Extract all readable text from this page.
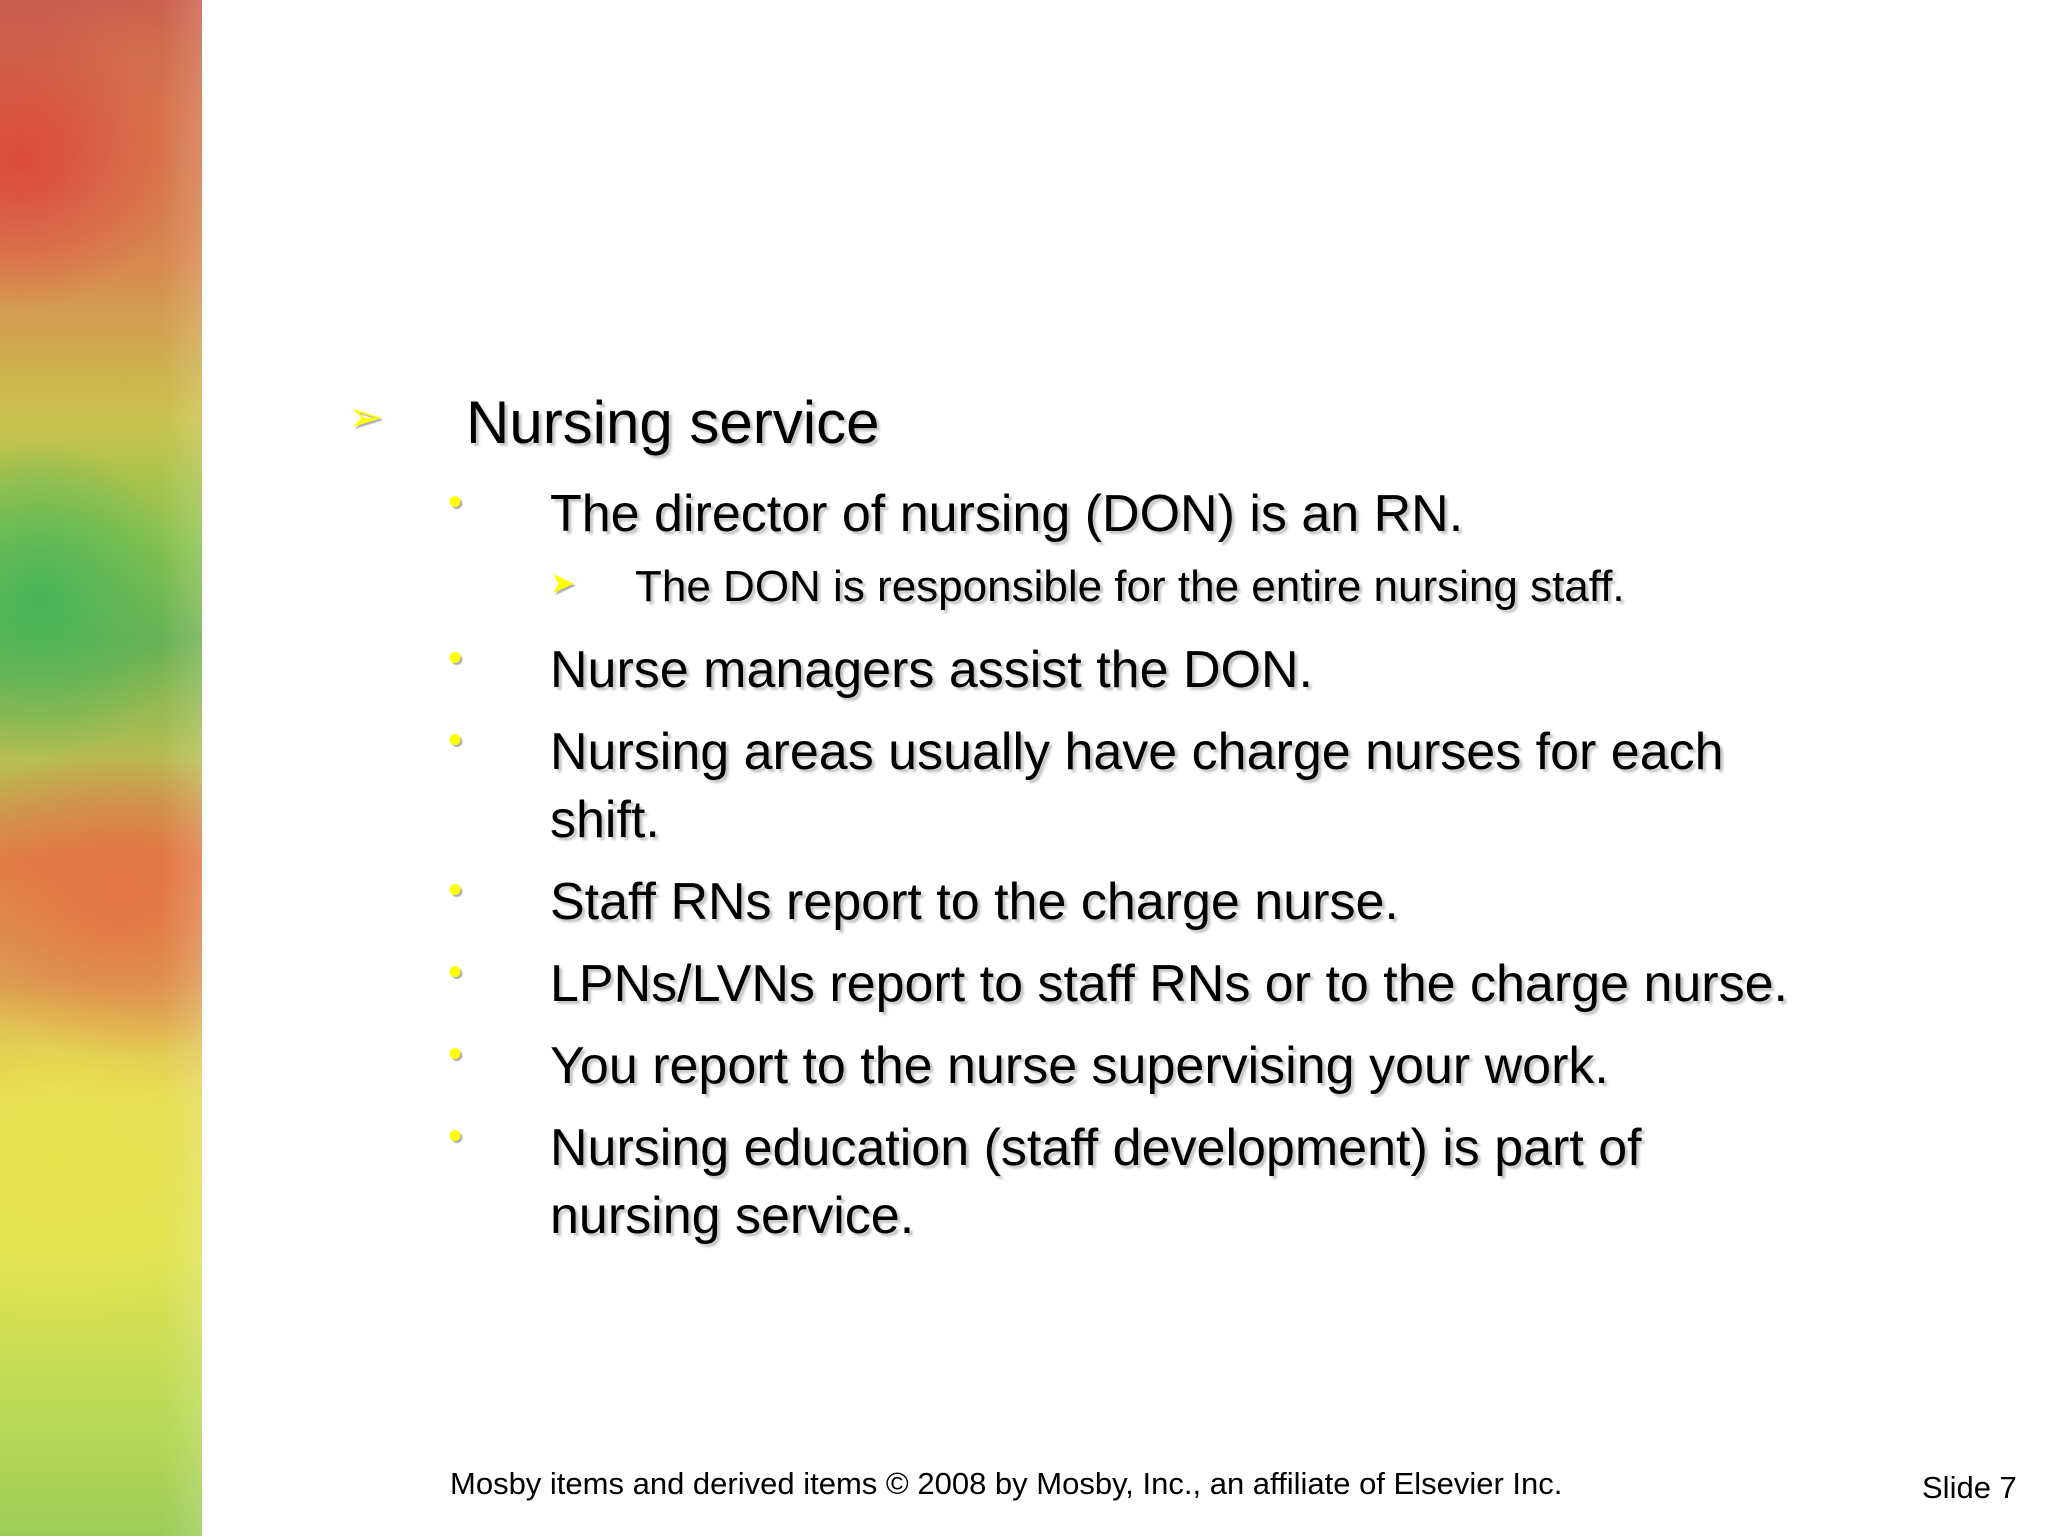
➢ Nursing service
• The director of nursing (DON) is an RN.
➤ The DON is responsible for the entire nursing staff.
• Nurse managers assist the DON.
• Nursing areas usually have charge nurses for each
shift.
• Staff RNs report to the charge nurse.
• LPNs/LVNs report to staff RNs or to the charge nurse.
• You report to the nurse supervising your work.
• Nursing education (staff development) is part of
nursing service.
Mosby items and derived items © 2008 by Mosby, Inc., an affiliate of Elsevier Inc.	Slide 7
